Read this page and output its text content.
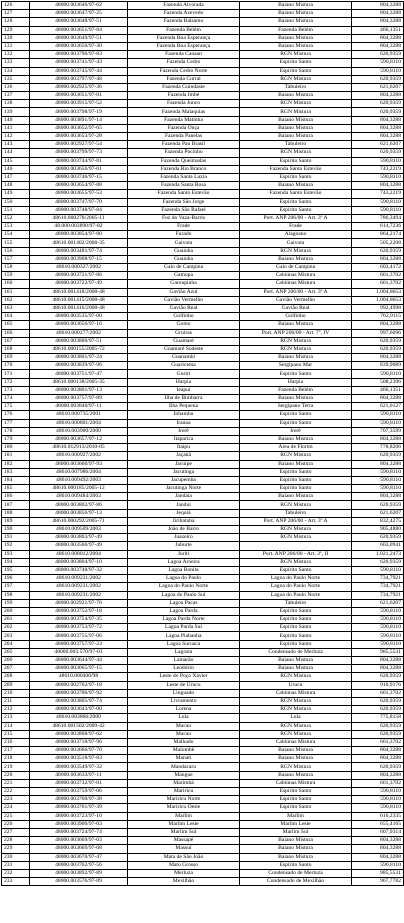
126	48000.003646/97-62	Fazenda Alvorada	Baiano Mistura	804,3288
127	48000.003647/97-25	Fazenda Azevedo	Baiano Mistura	804,3288
128	48000.003648/97-51	Fazenda Balsamo	Baiano Mistura	804,3288
129	48000.003651/97-84	Fazenda Belém	Fazenda Belém	466,1351
130	48000.003649/97-51	Fazenda Boa Esperança	Baiano Mistura	804,3288
131	48000.003650/97-30	Fazenda Boa Esperança	Baiano Mistura	804,3288
132	48000.003796/97-83	Fazenda Canaan	RGN Mistura	620,9359
133	48000.003741/97-43	Fazenda Cedro	Espírito Santo	590,8110
134	48000.003745/97-44	Fazenda Cedro Norte	Espírito Santo	590,8110
135	48000.003797/97-48	Fazenda Curral	RGN Mistura	620,9359
136	48000.002925/97-36	Fazenda Guindaste	Tabuleiro	621,6207
137	48000.003651/97-01	Fazenda Imbé	Baiano Mistura	804,3288
138	48000.003915/97-52	Fazenda Junco	RGN Mistura	620,9359
139	48000.003798/97-19	Fazenda Malaquias	RGN Mistura	620,9359
140	48000.003891/97-14	Fazenda Matinha	Baiano Mistura	804,3288
141	48000.003652/97-65	Fazenda Onça	Baiano Mistura	804,3288
142	48000.003653/97-28	Fazenda Panelas	Baiano Mistura	804,3288
143	48000.002927/97-54	Fazenda Pau Brasil	Tabuleiro	621,6207
144	48000.003799/97-73	Fazenda Pocinho	RGN Mistura	620,9359
145	48000.003744/97-81	Fazenda Queimadas	Espírito Santo	590,8110
146	48000.003656/97-01	Fazenda Rio Branco	Fazenda Santo Estevão	743,2219
147	48000.003746/97-15	Fazenda Santa Luzia	Espírito Santo	590,8110
148	48000.003654/97-88	Fazenda Santa Rosa	Baiano Mistura	804,3288
149	48000.003655/97-53	Fazenda Santo Estevão	Fazenda Santo Estevão	743,2219
150	48000.003747/97-70	Fazenda São Jorge	Espírito Santo	590,8110
151	48000.003748/97-84	Fazenda São Rafael	Espírito Santo	590,8110
152	48610.000278/2005-11	Foz do Vaza-Barris	Port. ANP 206/00 - Art. 3º A	786,3494
153	48.000.003890/97-82	Frade	Frade	614,7236
154	48000.003854/97-80	Furado	Alagoano	864,2174
155	48610.001402/2008-35	Gaivota	Gaivota	505,2208
156	48000.003481/97-74	Guaiuba	RGN Mistura	620,9359
157	48000.003908/97-15	Guaiuba	Baiano Mistura	804,3288
158	48610.000327/2002	Galo de Campina	Galo de Campina	603,4172
159	48000.003721/97-86	Gamopa	Cabiúnas Mistura	661,3702
160	48000.003722/97-49	Garoupinha	Cabiúnas Mistura	661,3702
161	48610.001418/2008-48	Gavião Azul	Port. ANP 206/00 - Art. 3º A	1.004,8653
162	48610.001415/2008-48	Gavião Vermelho	Gavião Vermelho	1.004,8653
163	48610.001416/2008-48	Gavião Real	Gavião Real	992,4998
164	48000.003535/97-00	Golfinho	Golfinho	762,9115
165	48000.003656/97-16	Gomo	Baiano Mistura	804,3288
166	48610.000277/2002	Gruiras	Port. ANP 206/00 - Art. 7º, IV	997,6096
167	48000.003800/97-51	Guamaré	RGN Mistura	620,9359
168	48610.000155/2005-72	Guamaré Sudeste	RGN Mistura	620,9359
169	48000.003801/97-24	Guanambi	Baiano Mistura	804,3288
170	48000.003839/97-96	Guaricema	Sergipano Mar	839,9089
171	48000.003751/97-47	Guriri	Espírito Santo	590,8110
172	48610.000138/2005-35	Harpia	Harpia	508,2396
173	48000.003801/97-13	Ieapuí	Fazenda Belém	466,1351
174	48000.003757/97-89	Ilha de Bimbarra	Baiano Mistura	804,3288
175	48000.003840/97-11	Ilha Pequena	Sergipano Terra	621,0127
176	48610.000735/2001	Inhambu	Espírito Santo	590,8110
177	48610.000801/2004	Iraúna	Espírito Santo	590,8110
178	48610.003900/2000	Irerê	Irerê	707,3599
179	48000.003657/97-12	Itaparica	Baiano Mistura	804,3288
180	48610.012913/2010-05	Itaipu	Área de Florim	778,8206
181	48610.000927/2002	Jaçanã	RGN Mistura	620,9359
182	48000.003660/97-93	Jacuípe	Baiano Mistura	804,3288
183	48610.007986/2004	Jacutinga	Espírito Santo	590,8110
184	48610.009492/2003	Jacupemba	Espírito Santo	590,8110
185	48610.000185/2005-12	Jacutinga Norte	Espírito Santo	590,8110
186	48610.009484/2003	Jandaia	Baiano Mistura	804,3288
187	48000.003802/97-86	Jandui	RGN Mistura	620,9359
188	48000.003856/97-13	Jequiá	Tabuleiro	621,6207
189	48610.000292/2005-71	Jiribatuba	Port. ANP 206/00 - Art. 3º A	832,4275
190	48610.009509/2003	João de Barro	RGN Mistura	905,4880
191	48000.003803/97-49	Juazeiro	RGN Mistura	620,9359
192	48000.003560/97-49	Juburte		603,0941
193	48610.008012/2004	Juriti	Port. ANP 206/00 - Art. 3º, II	1.021,2473
194	48000.003804/97-10	Lagoa Aroeira	RGN Mistura	620,9359
195	48000.003748/97-32	Lagoa Bonita	Espírito Santo	590,8110
196	48610.009231/2002	Lagoa do Paulo	Lagoa do Paulo Norte	734,7921
197	48610.009231/2002	Lagoa do Paulo Norte	Lagoa do Paulo Norte	734,7921
198	48610.009231/2002	Lagoa do Paulo Sul	Lagoa do Paulo Norte	734,7921
199	48000.002921/97-76	Lagoa Pacas	Tabuleiro	621,6207
200	48000.003752/97-18	Lagoa Parda	Espírito Santo	590,8110
201	48000.003754/97-35	Lagoa Parda Norte	Espírito Santo	590,8110
202	48000.003753/97-72	Lagoa Parda Sul	Espírito Santo	590,8110
203	48000.003755/97-06	Lagoa Piabanha	Espírito Santo	590,8110
204	48000.003757/97-23	Lagoa Suruaca	Espírito Santo	590,8110
205	48000.003.570/97-01	Lagosta	Condensado de Merluza	985,5531
206	48000.003644/97-44	Lamarão	Baiano Mistura	804,3288
207	48000.003665/97-15	Leodório	Baiano Mistura	804,3288
208	48610.000400/98	Leste do Poço Xavier	RGN Mistura	620,9359
209	48000.002762/97-18	Leste de Urucu	Urucu	910,9176
210	48000.003706/97-92	Linguado	Cabiúnas Mistura	661,3702
211	48000.003805/97-74	Livramento	RGN Mistura	620,9359
212	48000.003643/97-00	Lorena	RGN Mistura	620,9359
213	48610.003866/2000	Lula	Lula	775,8158
214	48610.001502/2009-42	Macau	RGN Mistura	620,9359
215	48000.003808/97-62	Macau	RGN Mistura	620,9359
216	48000.003718/97-96	Malhado	Cabiúnas Mistura	661,3702
217	48000.003666/97-70	Malombê	Baiano Mistura	804,3288
218	48000.003518/97-83	Manati	Baiano Mistura	804,3288
219	48000.003549/97-32	Mandacaru	RGN Mistura	620,9359
220	48000.003633/97-11	Mangue	Baiano Mistura	804,3288
221	48000.003732/97-01	Marimbá	Cabiúnas Mistura	661,3702
222	48000.003759/97-06	Mariricu	Espírito Santo	590,8110
223	48000.003760/97-38	Mariricu Norte	Espírito Santo	590,8110
224	48000.003761/97-39	Mariricu Oeste	Espírito Santo	590,8110
225	48000.003723/97-10	Marlim	Marlim	616,2335
226	48000.003900/97-03	Marlim Leste	Marlim Leste	655,4165
227	48000.003724/97-74	Marlim Sul	Marlim Sul	607,9314
228	48000.003669/97-03	Massapê	Baiano Mistura	804,3288
229	48000.003669/97-68	Massuí	Baiano Mistura	804,3288
230	48000.003670/97-47	Mata de São João	Baiano Mistura	804,3288
231	48000.003762/97-56	Mato Grosso	Espírito Santo	590,8110
232	48000.003892/97-89	Merluza	Condensado de Merluza	985,5531
233	48000.003576/97-89	Mexilhão	Condensado de Mexilhão	967,7782
